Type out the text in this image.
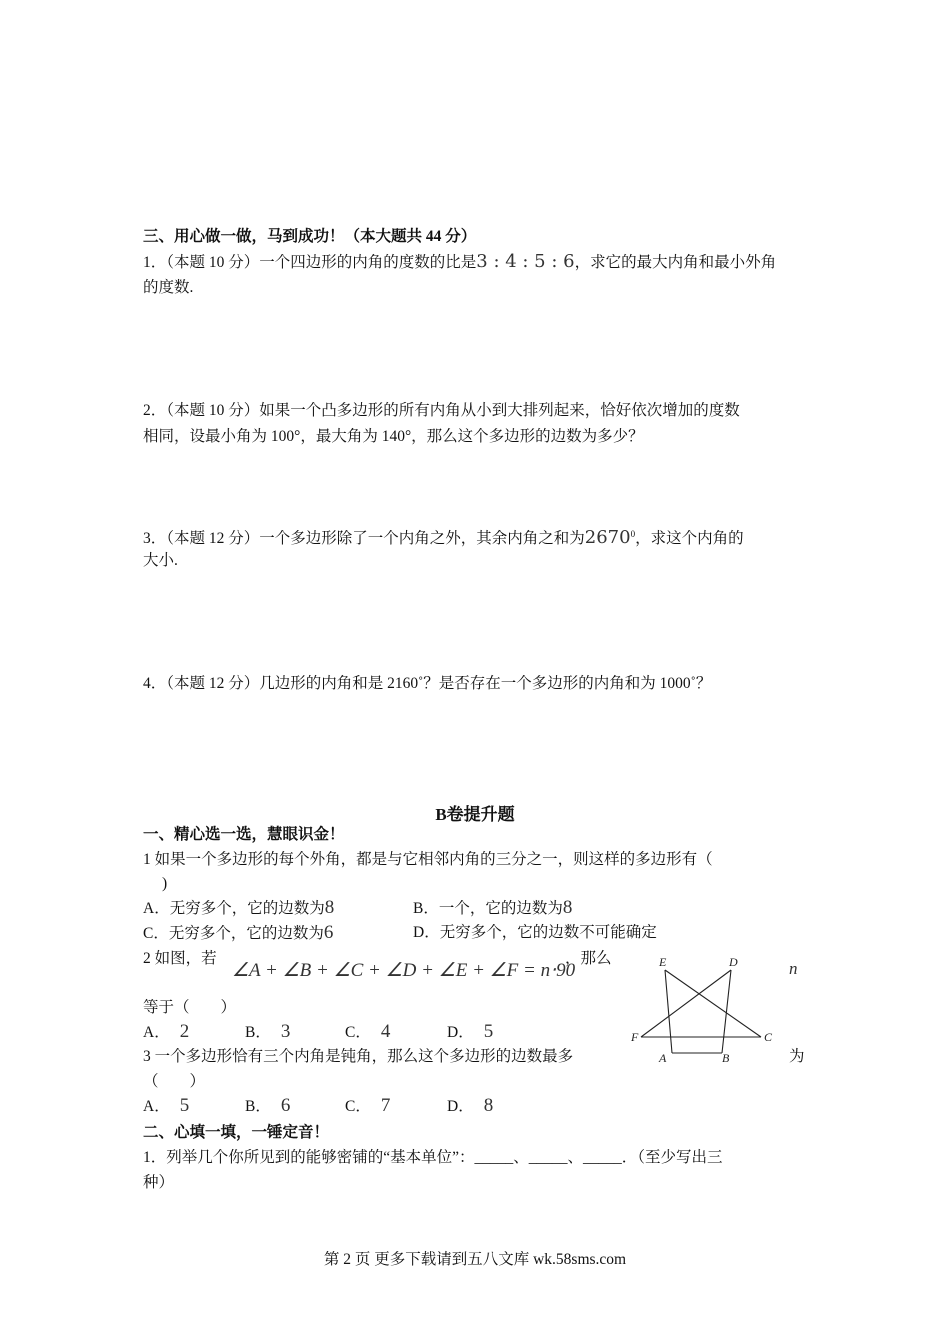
三、用心做一做，马到成功！（本大题共 44 分）
1．（本题 10 分）一个四边形的内角的度数的比是3 : 4 : 5 : 6，求它的最大内角和最小外角
的度数.
2．（本题 10 分）如果一个凸多边形的所有内角从小到大排列起来，恰好依次增加的度数
相同，设最小角为 100°，最大角为 140°，那么这个多边形的边数为多少？
3．（本题 12 分）一个多边形除了一个内角之外，其余内角之和为2670$^0$，求这个内角的
大小.
4．（本题 12 分）几边形的内角和是 2160˚？是否存在一个多边形的内角和为 1000˚？
B卷提升题
一、精心选一选，慧眼识金！
1 如果一个多边形的每个外角，都是与它相邻内角的三分之一，则这样的多边形有（
)
A．无穷多个，它的边数为8	B．一个，它的边数为8
C．无穷多个，它的边数为6	D．无穷多个，它的边数不可能确定
2 如图，若
∠A + ∠B + ∠C + ∠D + ∠E + ∠F = n⋅90
，那么
n
等于（　　）
A． 2	B． 3	C． 4	D． 5
E	D
F	C
A	B
3 一个多边形恰有三个内角是钝角，那么这个多边形的边数最多	为
（　　）
A． 5	B． 6	C． 7	D． 8
二、心填一填，一锤定音！
1．列举几个你所见到的能够密铺的“基本单位”：_____、_____、_____．（至少写出三
种）
第 2 页 更多下载请到五八文库 wk.58sms.com
